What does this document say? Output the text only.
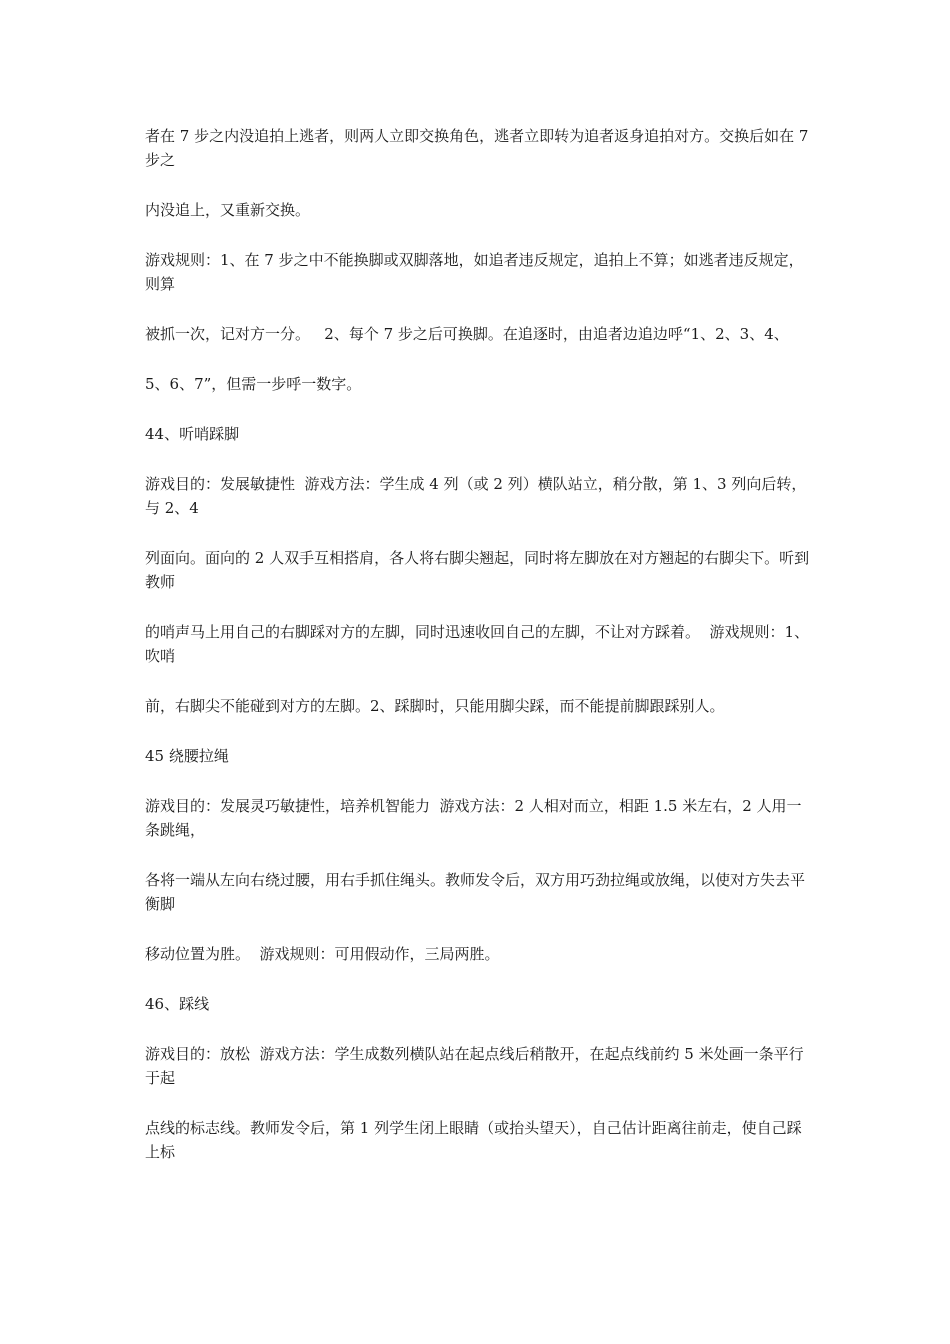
者在 7 步之内没追拍上逃者，则两人立即交换角色，逃者立即转为追者返身追拍对方。交换后如在 7 步之

内没追上，又重新交换。

游戏规则：1、在 7 步之中不能换脚或双脚落地，如追者违反规定，追拍上不算；如逃者违反规定，则算

被抓一次，记对方一分。   2、每个 7 步之后可换脚。在追逐时，由追者边追边呼“1、2、3、4、

5、6、7”，但需一步呼一数字。

44、听哨踩脚

游戏目的：发展敏捷性  游戏方法：学生成 4 列（或 2 列）横队站立，稍分散，第 1、3 列向后转，与 2、4

列面向。面向的 2 人双手互相搭肩，各人将右脚尖翘起，同时将左脚放在对方翘起的右脚尖下。听到教师

的哨声马上用自己的右脚踩对方的左脚，同时迅速收回自己的左脚，不让对方踩着。  游戏规则：1、吹哨

前，右脚尖不能碰到对方的左脚。2、踩脚时，只能用脚尖踩，而不能提前脚跟踩别人。

45 绕腰拉绳

游戏目的：发展灵巧敏捷性，培养机智能力  游戏方法：2 人相对而立，相距 1.5 米左右，2 人用一条跳绳，

各将一端从左向右绕过腰，用右手抓住绳头。教师发令后，双方用巧劲拉绳或放绳，以使对方失去平衡脚

移动位置为胜。  游戏规则：可用假动作，三局两胜。

46、踩线

游戏目的：放松  游戏方法：学生成数列横队站在起点线后稍散开，在起点线前约 5 米处画一条平行于起

点线的标志线。教师发令后，第 1 列学生闭上眼睛（或抬头望天），自己估计距离往前走，使自己踩上标
